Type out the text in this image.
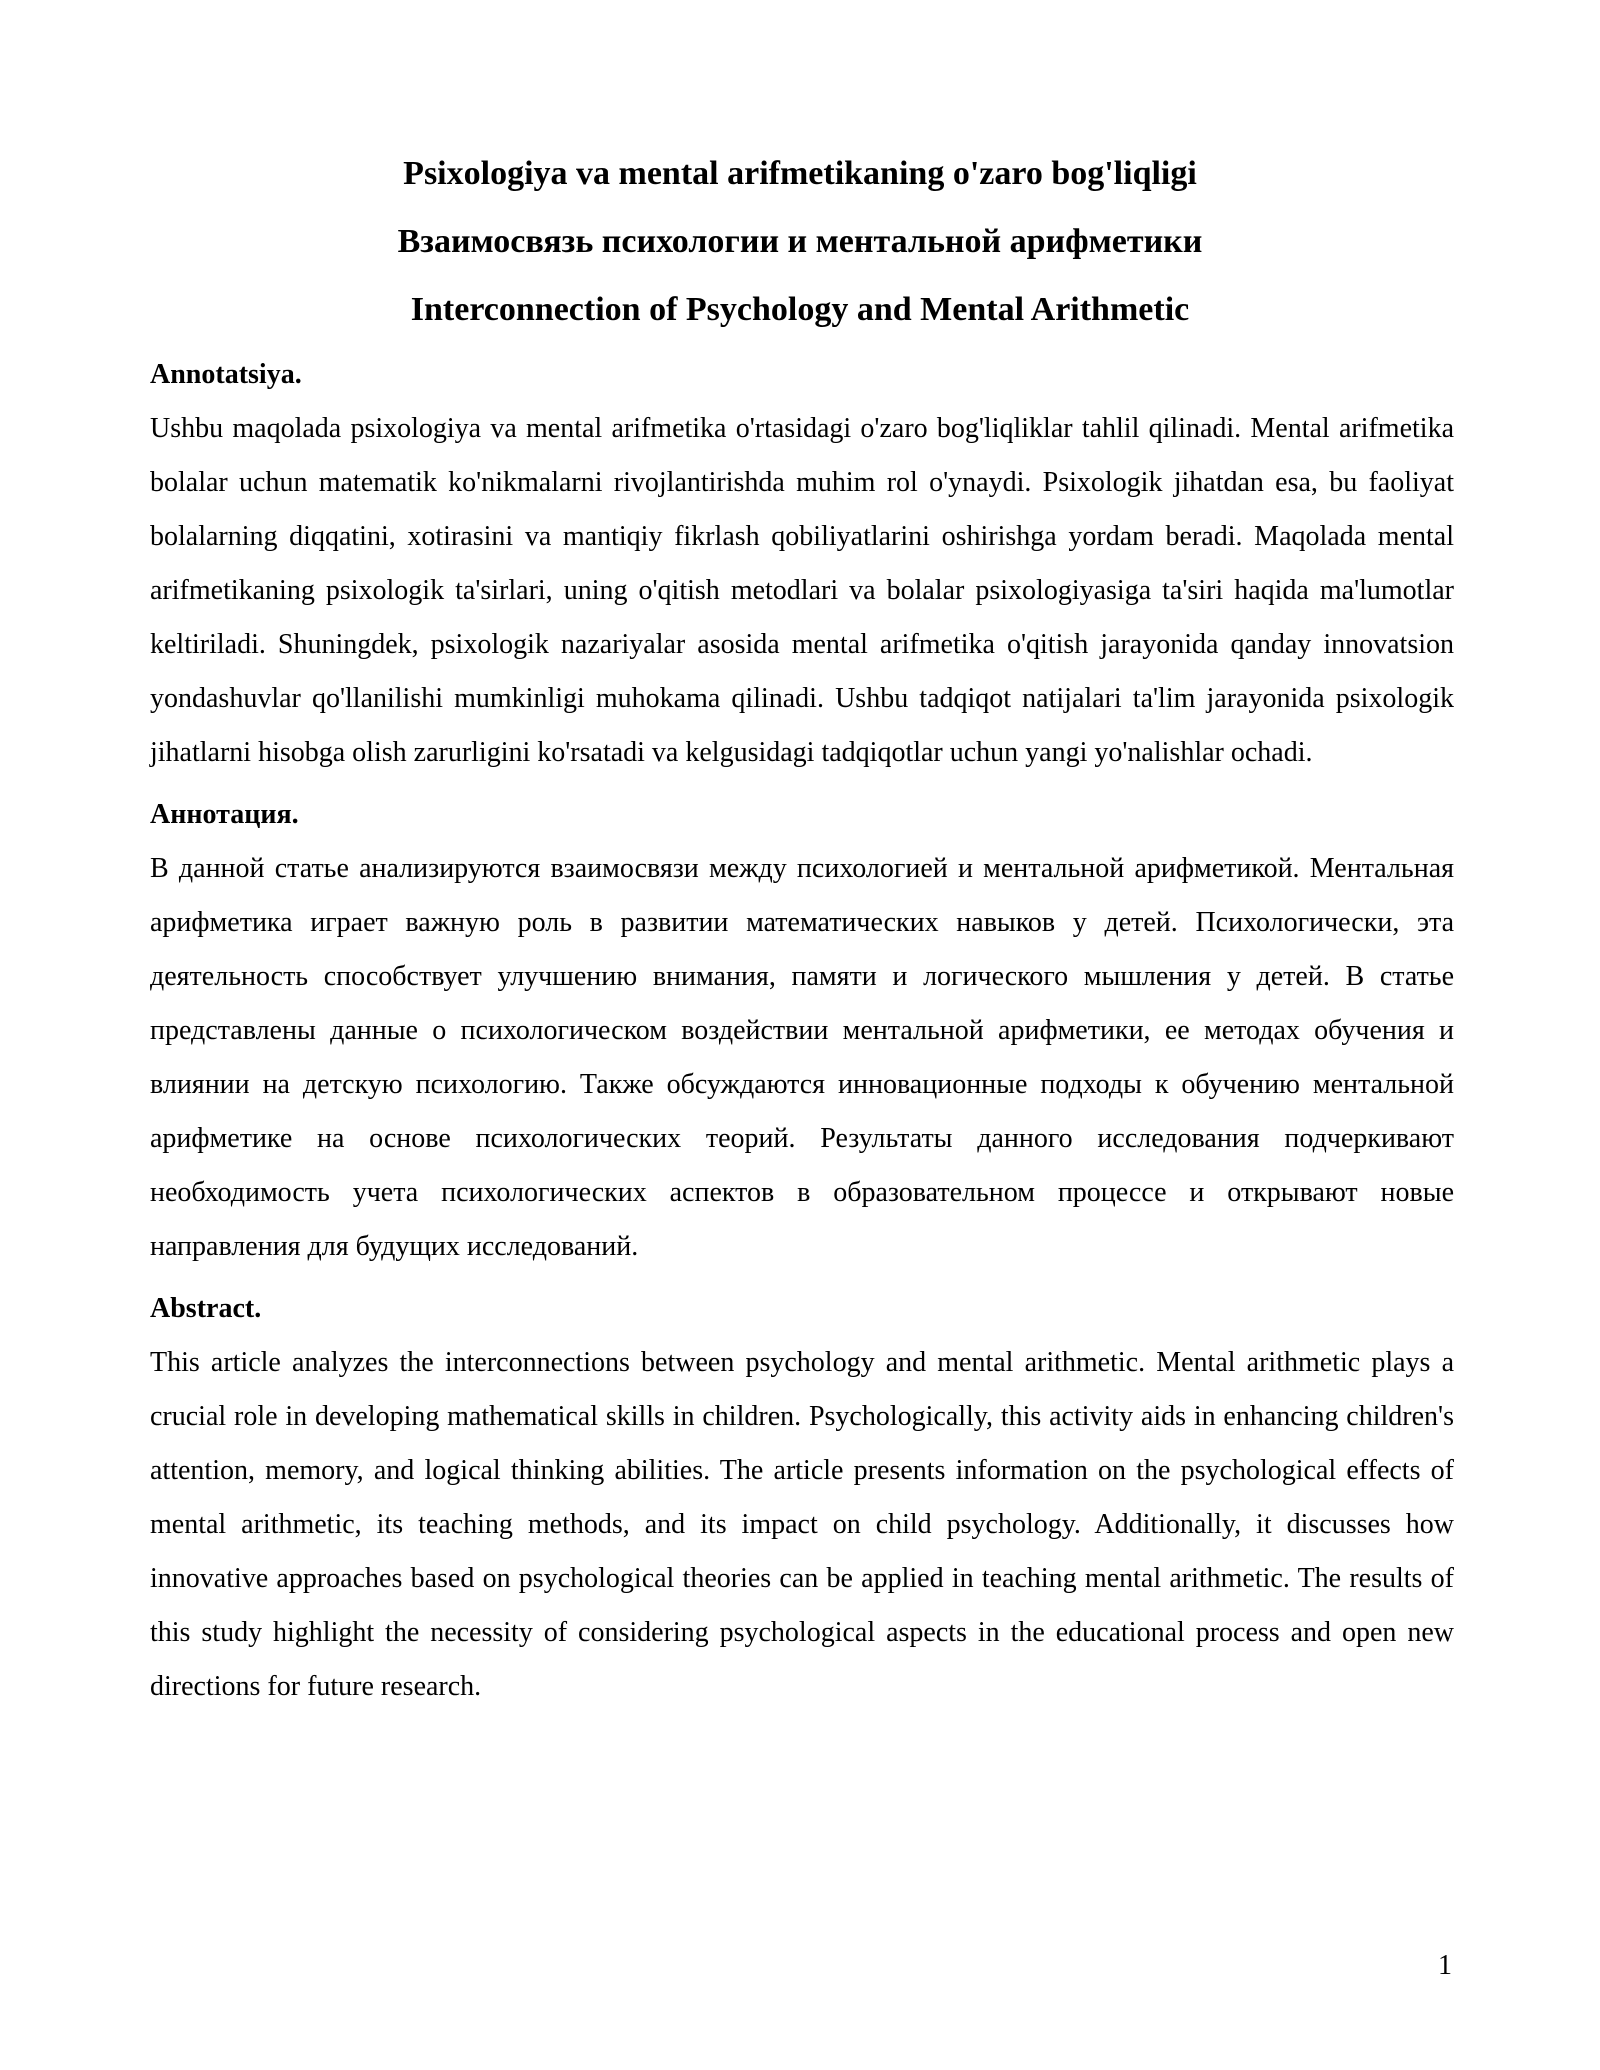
Psixologiya va mental arifmetikaning o'zaro bog'liqligi
Взаимосвязь психологии и ментальной арифметики
Interconnection of Psychology and Mental Arithmetic

Annotatsiya.

Ushbu maqolada psixologiya va mental arifmetika o'rtasidagi o'zaro bog'liqliklar tahlil qilinadi. Mental arifmetika bolalar uchun matematik ko'nikmalarni rivojlantirishda muhim rol o'ynaydi. Psixologik jihatdan esa, bu faoliyat bolalarning diqqatini, xotirasini va mantiqiy fikrlash qobiliyatlarini oshirishga yordam beradi. Maqolada mental arifmetikaning psixologik ta'sirlari, uning o'qitish metodlari va bolalar psixologiyasiga ta'siri haqida ma'lumotlar keltiriladi. Shuningdek, psixologik nazariyalar asosida mental arifmetika o'qitish jarayonida qanday innovatsion yondashuvlar qo'llanilishi mumkinligi muhokama qilinadi. Ushbu tadqiqot natijalari ta'lim jarayonida psixologik jihatlarni hisobga olish zarurligini ko'rsatadi va kelgusidagi tadqiqotlar uchun yangi yo'nalishlar ochadi.

Аннотация.

В данной статье анализируются взаимосвязи между психологией и ментальной арифметикой. Ментальная арифметика играет важную роль в развитии математических навыков у детей. Психологически, эта деятельность способствует улучшению внимания, памяти и логического мышления у детей. В статье представлены данные о психологическом воздействии ментальной арифметики, ее методах обучения и влиянии на детскую психологию. Также обсуждаются инновационные подходы к обучению ментальной арифметике на основе психологических теорий. Результаты данного исследования подчеркивают необходимость учета психологических аспектов в образовательном процессе и открывают новые направления для будущих исследований.

Abstract.

This article analyzes the interconnections between psychology and mental arithmetic. Mental arithmetic plays a crucial role in developing mathematical skills in children. Psychologically, this activity aids in enhancing children's attention, memory, and logical thinking abilities. The article presents information on the psychological effects of mental arithmetic, its teaching methods, and its impact on child psychology. Additionally, it discusses how innovative approaches based on psychological theories can be applied in teaching mental arithmetic. The results of this study highlight the necessity of considering psychological aspects in the educational process and open new directions for future research.

1
